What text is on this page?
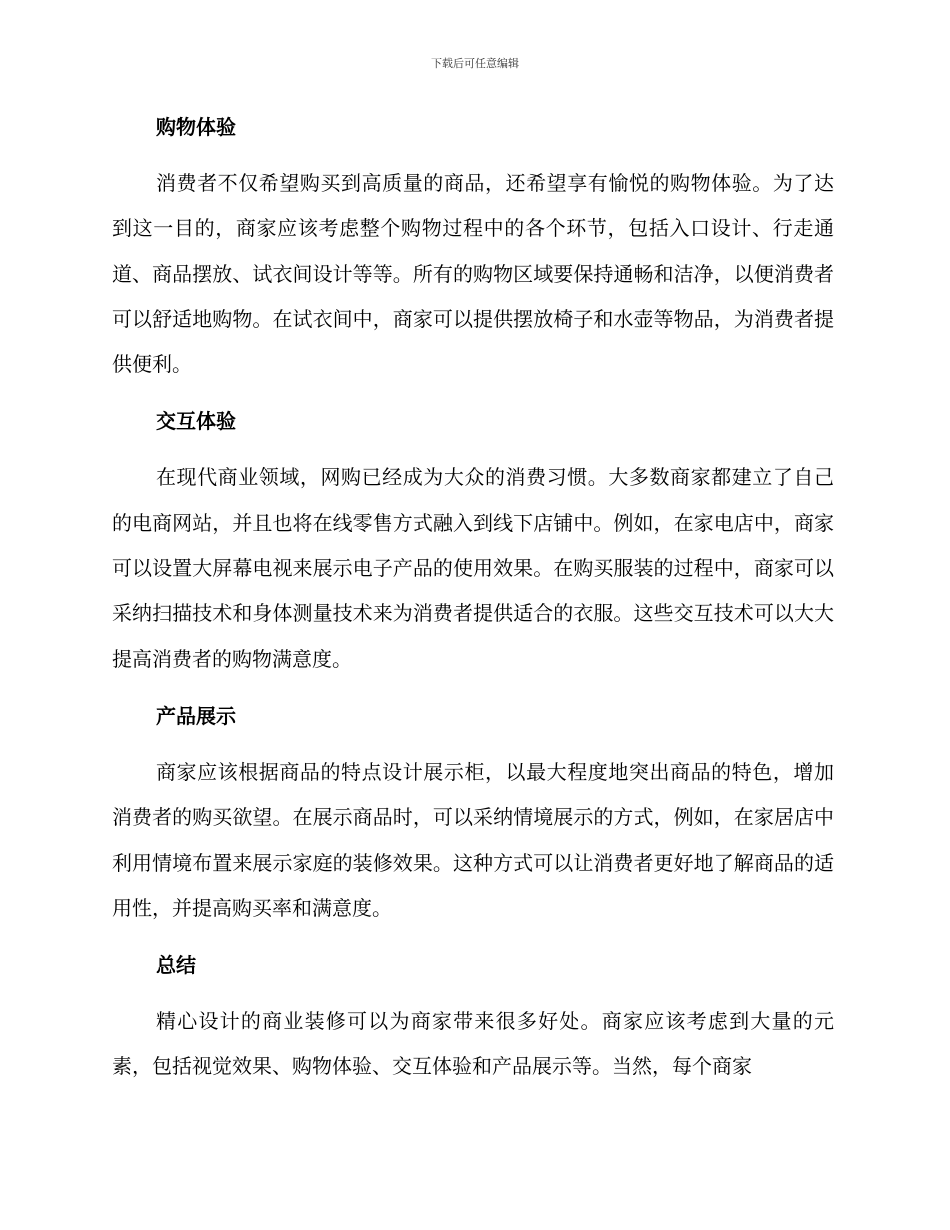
下载后可任意编辑
购物体验

消费者不仅希望购买到高质量的商品，还希望享有愉悦的购物体验。为了达到这一目的，商家应该考虑整个购物过程中的各个环节，包括入口设计、行走通道、商品摆放、试衣间设计等等。所有的购物区域要保持通畅和洁净，以便消费者可以舒适地购物。在试衣间中，商家可以提供摆放椅子和水壶等物品，为消费者提供便利。

交互体验

在现代商业领域，网购已经成为大众的消费习惯。大多数商家都建立了自己的电商网站，并且也将在线零售方式融入到线下店铺中。例如，在家电店中，商家可以设置大屏幕电视来展示电子产品的使用效果。在购买服装的过程中，商家可以采纳扫描技术和身体测量技术来为消费者提供适合的衣服。这些交互技术可以大大提高消费者的购物满意度。

产品展示

商家应该根据商品的特点设计展示柜，以最大程度地突出商品的特色，增加消费者的购买欲望。在展示商品时，可以采纳情境展示的方式，例如，在家居店中利用情境布置来展示家庭的装修效果。这种方式可以让消费者更好地了解商品的适用性，并提高购买率和满意度。

总结

精心设计的商业装修可以为商家带来很多好处。商家应该考虑到大量的元素，包括视觉效果、购物体验、交互体验和产品展示等。当然，每个商家
